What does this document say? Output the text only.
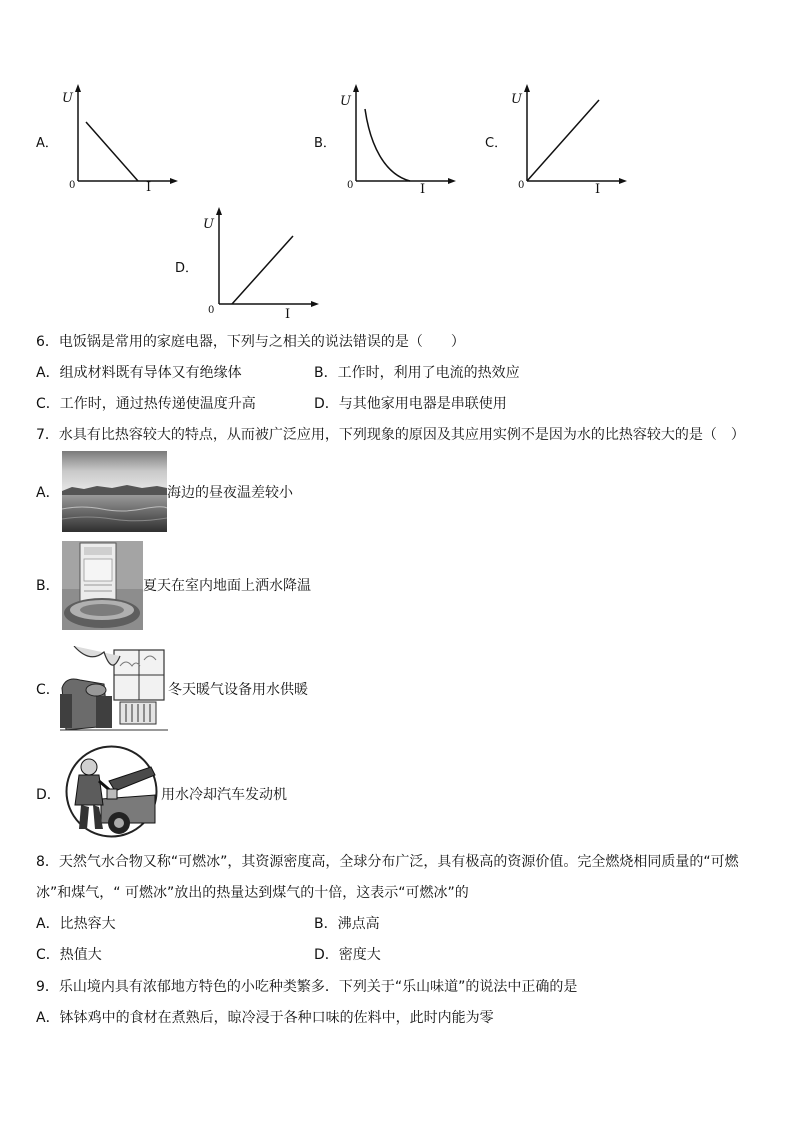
A．
U
0	I
B．
U
0	I
C．
U
0	I
D．
U
0	I
6．电饭锅是常用的家庭电器，下列与之相关的说法错误的是（　　）
A．组成材料既有导体又有绝缘体	B．工作时，利用了电流的热效应
C．工作时，通过热传递使温度升高	D．与其他家用电器是串联使用
7．水具有比热容较大的特点，从而被广泛应用，下列现象的原因及其应用实例不是因为水的比热容较大的是（　）
A．	海边的昼夜温差较小
B．	夏天在室内地面上洒水降温
C．	冬天暖气设备用水供暖
D．	用水冷却汽车发动机
8．天然气水合物又称“可燃冰”，其资源密度高，全球分布广泛，具有极高的资源价值。完全燃烧相同质量的“可燃
冰”和煤气，“ 可燃冰”放出的热量达到煤气的十倍，这表示“可燃冰”的
A．比热容大	B．沸点高
C．热值大	D．密度大
9．乐山境内具有浓郁地方特色的小吃种类繁多．下列关于“乐山味道”的说法中正确的是
A．钵钵鸡中的食材在煮熟后，晾冷浸于各种口味的佐料中，此时内能为零
